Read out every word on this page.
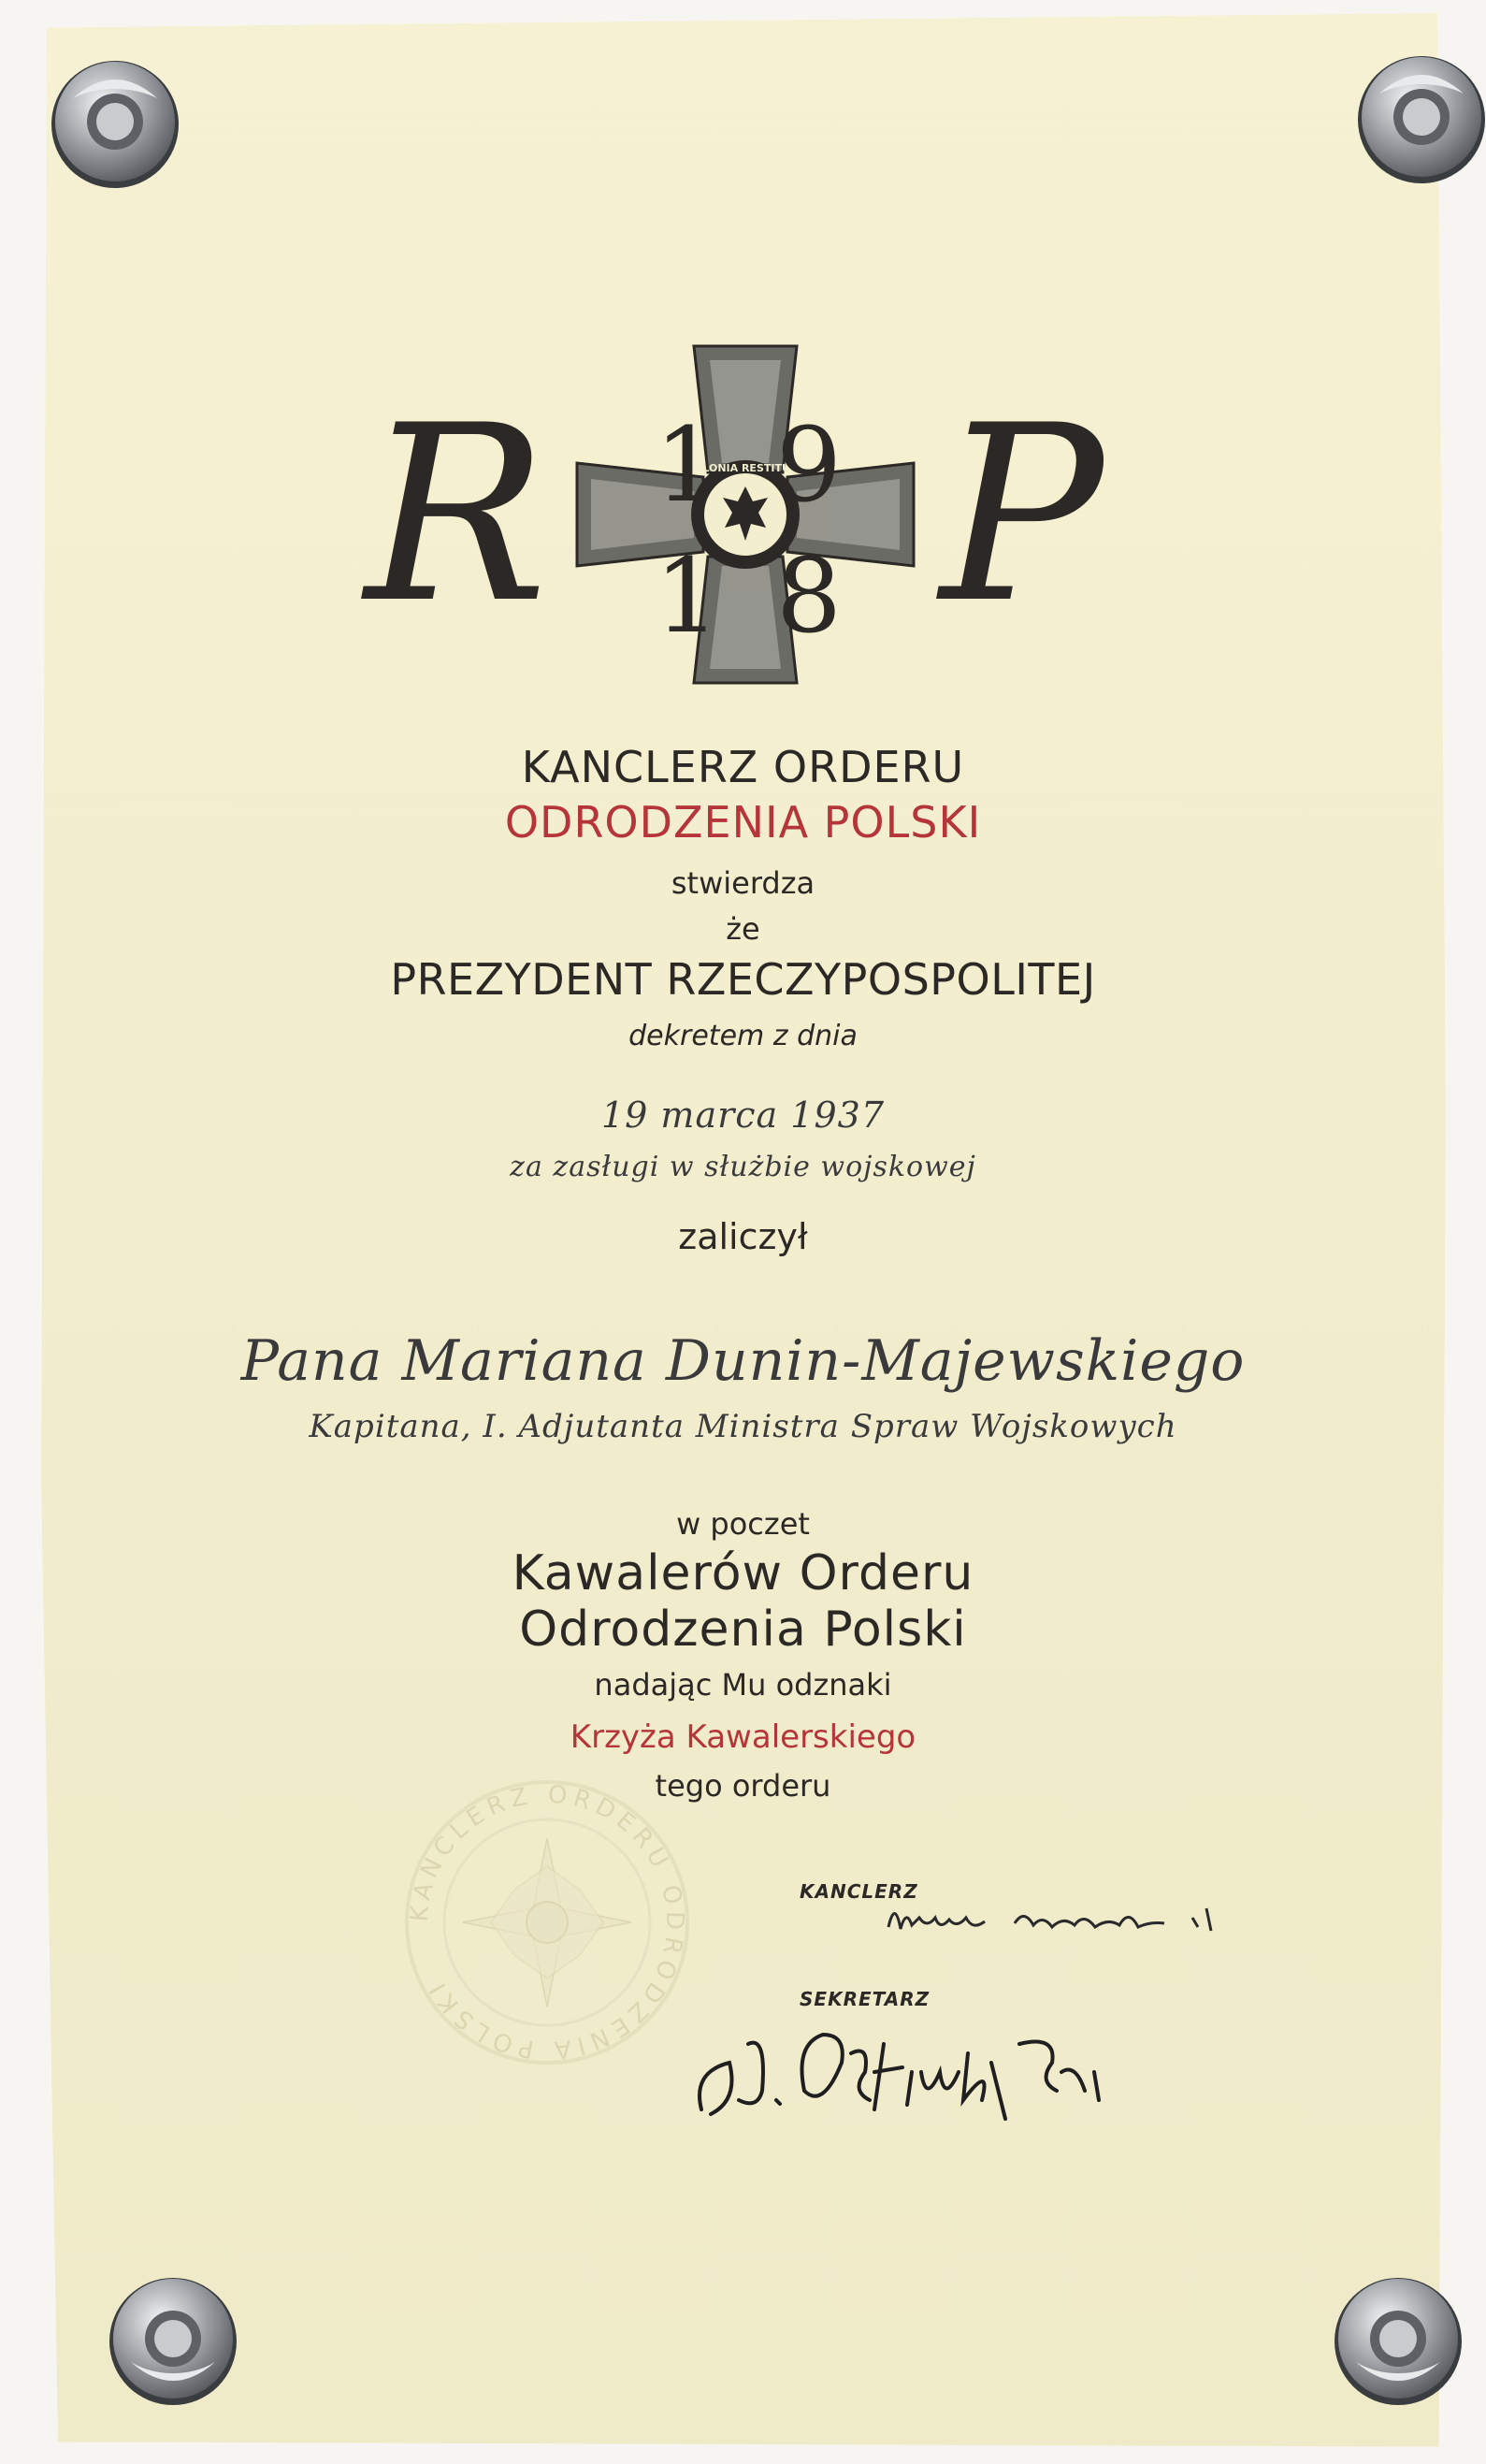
R P
POLONIA RESTITUTA
1 9
1 8
KANCLERZ ORDERU
ODRODZENIA POLSKI
stwierdza
że
PREZYDENT RZECZYPOSPOLITEJ
dekretem z dnia
19 marca 1937
za zasługi w służbie wojskowej
zaliczył
Pana Mariana Dunin-Majewskiego
Kapitana, I. Adjutanta Ministra Spraw Wojskowych
w poczet
Kawalerów Orderu
Odrodzenia Polski
nadając Mu odznaki
Krzyża Kawalerskiego
tego orderu
KANCLERZ ORDERU ODRODZENIA POLSKI
KANCLERZ
SEKRETARZ
